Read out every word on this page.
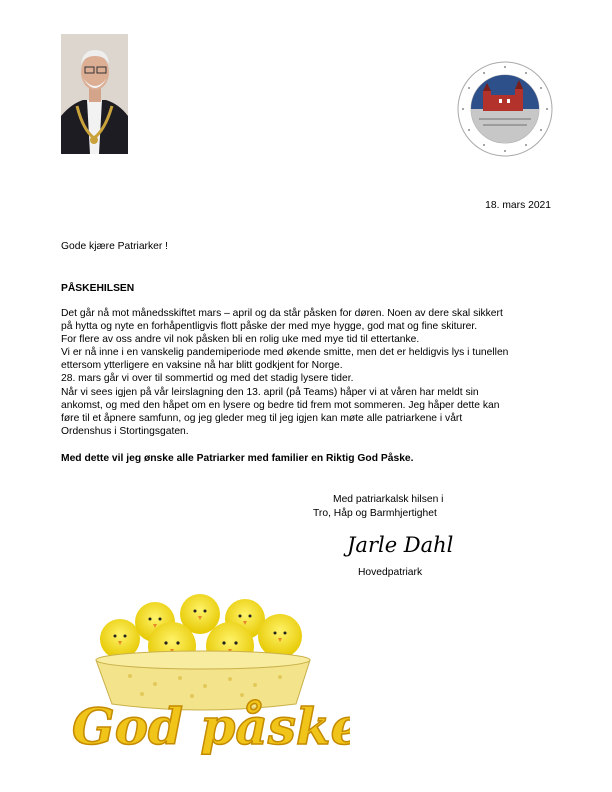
18. mars 2021
Gode kjære Patriarker !
PÅSKEHILSEN

Det går nå mot månedsskiftet mars – april og da står påsken for døren. Noen av dere skal sikkert

på hytta og nyte en forhåpentligvis flott påske der med mye hygge, god mat og fine skiturer.

For flere av oss andre vil nok påsken bli en rolig uke med mye tid til ettertanke.

Vi er nå inne i en vanskelig pandemiperiode med økende smitte, men det er heldigvis lys i tunellen

ettersom ytterligere en vaksine nå har blitt godkjent for Norge.

28. mars går vi over til sommertid og med det stadig lysere tider.

Når vi sees igjen på vår leirslagning den 13. april (på Teams) håper vi at våren har meldt sin

ankomst, og med den håpet om en lysere og bedre tid frem mot sommeren. Jeg håper dette kan

føre til et åpnere samfunn, og jeg gleder meg til jeg igjen kan møte alle patriarkene i vårt

Ordenshus i Stortingsgaten.

Med dette vil jeg ønske alle Patriarker med familier en Riktig God Påske.
Med patriarkalsk hilsen i
Tro, Håp og Barmhjertighet
Jarle Dahl
Hovedpatriark
God påske
